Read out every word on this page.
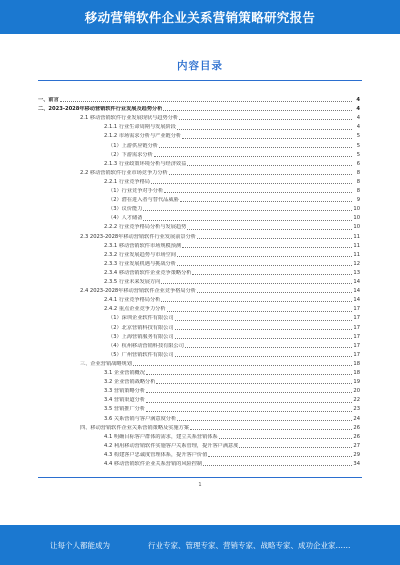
移动营销软件企业关系营销策略研究报告
内容目录
一、前言	4
二、2023-2028年移动营销软件行业发展及趋势分析	4
2.1 移动营销软件行业发展现状与趋势分析	4
2.1.1 行业生命周期与发展阶段	4
2.1.2 市场需求分析与产业链分析	5
（1）上游供应链分析	5
（2）下游需求分析	5
2.1.3 行业政策环境分析与经济效益	6
2.2 移动营销软件行业市场竞争力分析	8
2.2.1 行业竞争格局	8
（1）行业竞争对手分析	8
（2）潜在进入者与替代品威胁	9
（3）议价能力	10
（4）人才储备	10
2.2.2 行业竞争格局分析与发展趋势	10
2.3 2023-2028年移动营销软件行业发展前景分析	11
2.3.1 移动营销软件市场规模预测	11
2.3.2 行业发展趋势与市场空间	11
2.3.3 行业发展机遇与挑战分析	12
2.3.4 移动营销软件企业竞争策略分析	13
2.3.5 行业未来发展方向	14
2.4 2023-2028年移动营销软件企业竞争格局分析	14
2.4.1 行业竞争格局分析	14
2.4.2 重点企业竞争力分析	17
（1）深圳企业软件有限公司	17
（2）北京营销科技有限公司	17
（3）上海营销服务有限公司	17
（4）杭州移动营销科技有限公司	17
（5）广州营销软件有限公司	17
三、企业营销战略规划	18
3.1 企业营销概况	18
3.2 企业营销战略分析	19
3.3 营销策略分析	20
3.4 营销渠道分析	22
3.5 营销推广分析	23
3.6 关系营销与客户满意度分析	24
四、移动营销软件企业关系营销策略及实施方案	26
4.1 明确目标客户群体的需求，建立关系营销体系	26
4.2 利用移动营销软件实施客户关系管理，提升客户满意度	27
4.3 构建客户忠诚度管理体系，提升客户价值	29
4.4 移动营销软件企业关系营销的风险控制	34
1
让每个人都能成为	行业专家、管理专家、营销专家、战略专家、成功企业家……
